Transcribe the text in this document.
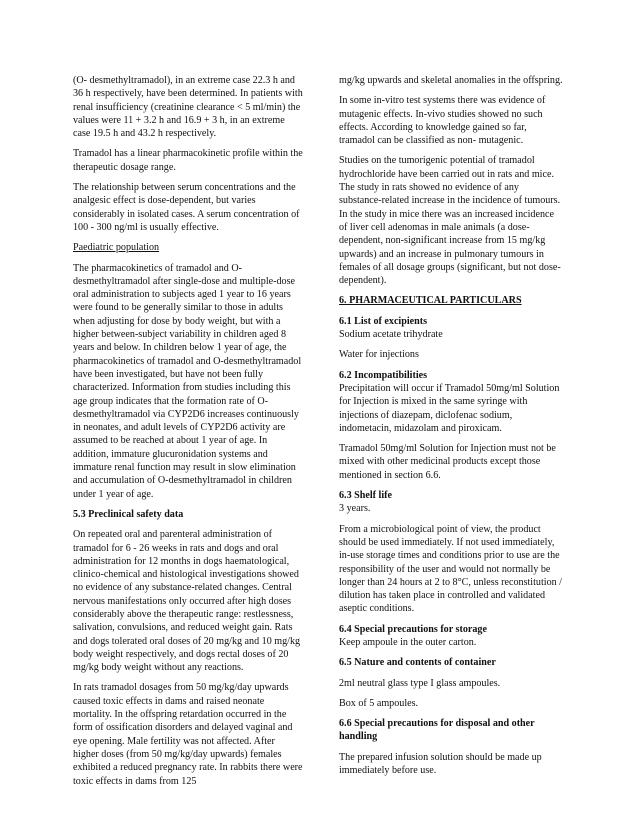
(O- desmethyltramadol), in an extreme case 22.3 h and 36 h respectively, have been determined. In patients with renal insufficiency (creatinine clearance < 5 ml/min) the values were 11 + 3.2 h and 16.9 + 3 h, in an extreme case 19.5 h and 43.2 h respectively.

Tramadol has a linear pharmacokinetic profile within the therapeutic dosage range.

The relationship between serum concentrations and the analgesic effect is dose-dependent, but varies considerably in isolated cases. A serum concentration of 100 - 300 ng/ml is usually effective.

Paediatric population

The pharmacokinetics of tramadol and O-desmethyltramadol after single-dose and multiple-dose oral administration to subjects aged 1 year to 16 years were found to be generally similar to those in adults when adjusting for dose by body weight, but with a higher between-subject variability in children aged 8 years and below. In children below 1 year of age, the pharmacokinetics of tramadol and O-desmethyltramadol have been investigated, but have not been fully characterized. Information from studies including this age group indicates that the formation rate of O-desmethyltramadol via CYP2D6 increases continuously in neonates, and adult levels of CYP2D6 activity are assumed to be reached at about 1 year of age. In addition, immature glucuronidation systems and immature renal function may result in slow elimination and accumulation of O-desmethyltramadol in children under 1 year of age.

5.3 Preclinical safety data

On repeated oral and parenteral administration of tramadol for 6 - 26 weeks in rats and dogs and oral administration for 12 months in dogs haematological, clinico-chemical and histological investigations showed no evidence of any substance-related changes. Central nervous manifestations only occurred after high doses considerably above the therapeutic range: restlessness, salivation, convulsions, and reduced weight gain. Rats and dogs tolerated oral doses of 20 mg/kg and 10 mg/kg body weight respectively, and dogs rectal doses of 20 mg/kg body weight without any reactions.

In rats tramadol dosages from 50 mg/kg/day upwards caused toxic effects in dams and raised neonate mortality. In the offspring retardation occurred in the form of ossification disorders and delayed vaginal and eye opening. Male fertility was not affected. After higher doses (from 50 mg/kg/day upwards) females exhibited a reduced pregnancy rate. In rabbits there were toxic effects in dams from 125

mg/kg upwards and skeletal anomalies in the offspring.

In some in-vitro test systems there was evidence of mutagenic effects. In-vivo studies showed no such effects. According to knowledge gained so far, tramadol can be classified as non- mutagenic.

Studies on the tumorigenic potential of tramadol hydrochloride have been carried out in rats and mice. The study in rats showed no evidence of any substance-related increase in the incidence of tumours. In the study in mice there was an increased incidence of liver cell adenomas in male animals (a dose-dependent, non-significant increase from 15 mg/kg upwards) and an increase in pulmonary tumours in females of all dosage groups (significant, but not dose-dependent).

6. PHARMACEUTICAL PARTICULARS

6.1 List of excipients

Sodium acetate trihydrate

Water for injections

6.2 Incompatibilities

Precipitation will occur if Tramadol 50mg/ml Solution for Injection is mixed in the same syringe with injections of diazepam, diclofenac sodium, indometacin, midazolam and piroxicam.

Tramadol 50mg/ml Solution for Injection must not be mixed with other medicinal products except those mentioned in section 6.6.

6.3 Shelf life

3 years.

From a microbiological point of view, the product should be used immediately. If not used immediately, in-use storage times and conditions prior to use are the responsibility of the user and would not normally be longer than 24 hours at 2 to 8°C, unless reconstitution / dilution has taken place in controlled and validated aseptic conditions.

6.4 Special precautions for storage

Keep ampoule in the outer carton.

6.5 Nature and contents of container

2ml neutral glass type I glass ampoules.

Box of 5 ampoules.

6.6 Special precautions for disposal and other handling

The prepared infusion solution should be made up immediately before use.
